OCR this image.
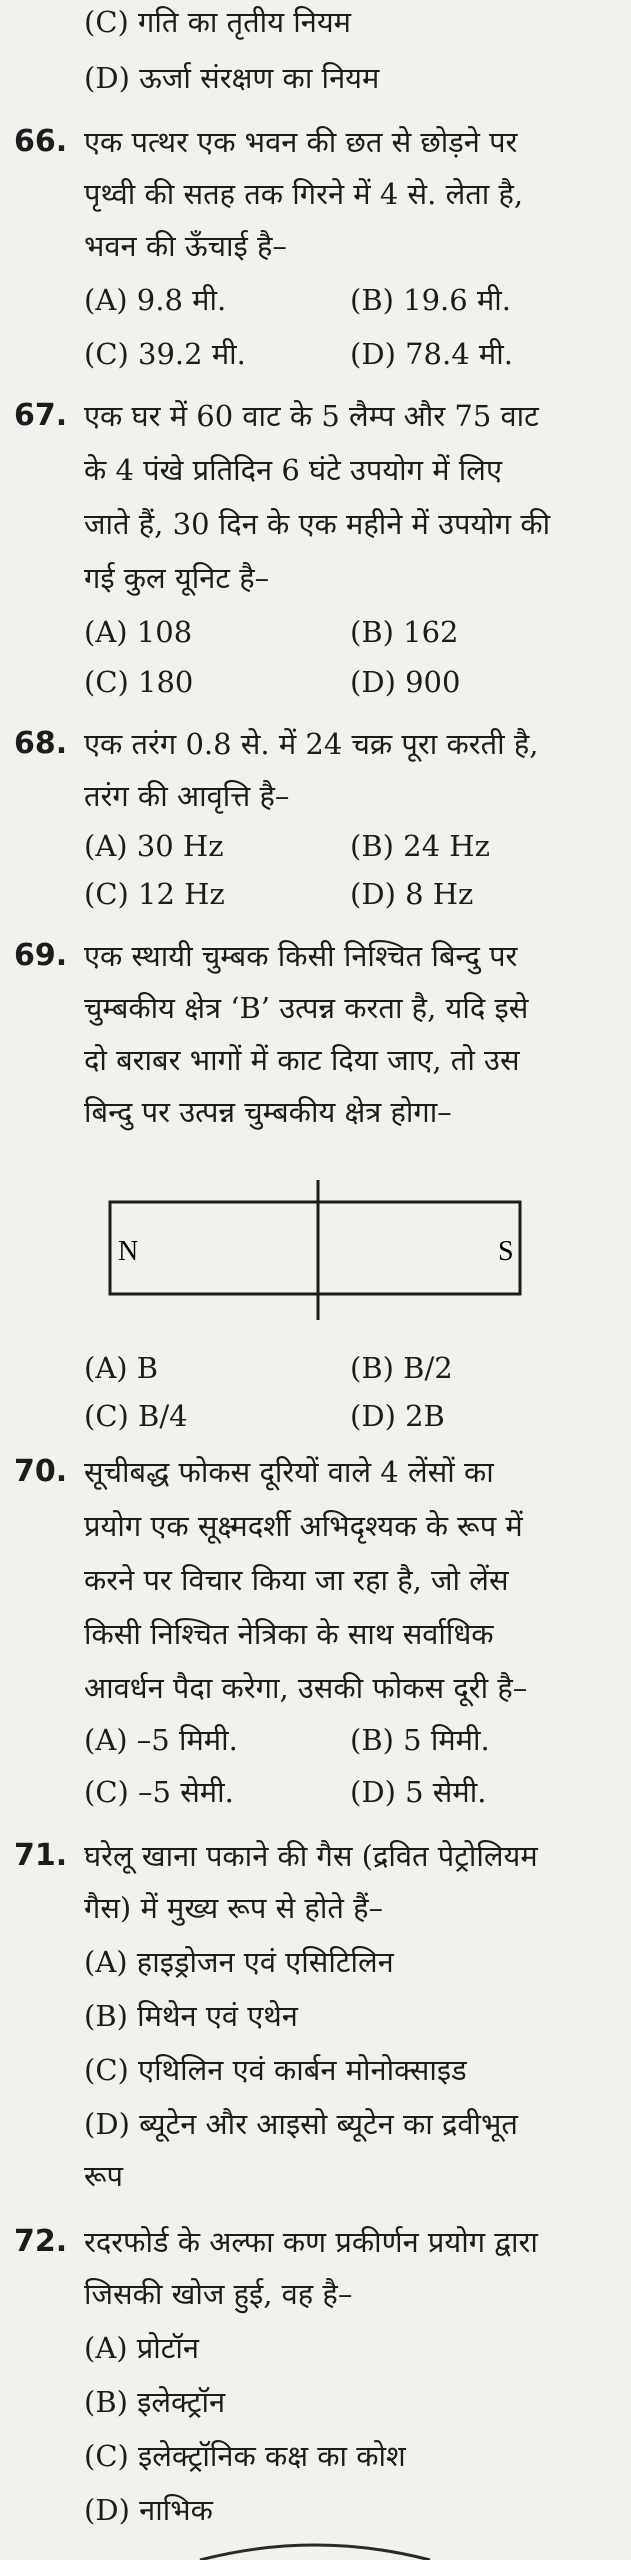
(C) गति का तृतीय नियम
(D) ऊर्जा संरक्षण का नियम
66. एक पत्थर एक भवन की छत से छोड़ने पर
पृथ्वी की सतह तक गिरने में 4 से. लेता है,
भवन की ऊँचाई है–
(A) 9.8 मी.	(B) 19.6 मी.
(C) 39.2 मी.	(D) 78.4 मी.
67. एक घर में 60 वाट के 5 लैम्प और 75 वाट
के 4 पंखे प्रतिदिन 6 घंटे उपयोग में लिए
जाते हैं, 30 दिन के एक महीने में उपयोग की
गई कुल यूनिट है–
(A) 108	(B) 162
(C) 180	(D) 900
68. एक तरंग 0.8 से. में 24 चक्र पूरा करती है,
तरंग की आवृत्ति है–
(A) 30 Hz	(B) 24 Hz
(C) 12 Hz	(D) 8 Hz
69. एक स्थायी चुम्बक किसी निश्चित बिन्दु पर
चुम्बकीय क्षेत्र ‘B’ उत्पन्न करता है, यदि इसे
दो बराबर भागों में काट दिया जाए, तो उस
बिन्दु पर उत्पन्न चुम्बकीय क्षेत्र होगा–
N	S
(A) B	(B) B/2
(C) B/4	(D) 2B
70. सूचीबद्ध फोकस दूरियों वाले 4 लेंसों का
प्रयोग एक सूक्ष्मदर्शी अभिदृश्यक के रूप में
करने पर विचार किया जा रहा है, जो लेंस
किसी निश्चित नेत्रिका के साथ सर्वाधिक
आवर्धन पैदा करेगा, उसकी फोकस दूरी है–
(A) –5 मिमी.	(B) 5 मिमी.
(C) –5 सेमी.	(D) 5 सेमी.
71. घरेलू खाना पकाने की गैस (द्रवित पेट्रोलियम
गैस) में मुख्य रूप से होते हैं–
(A) हाइड्रोजन एवं एसिटिलिन
(B) मिथेन एवं एथेन
(C) एथिलिन एवं कार्बन मोनोक्साइड
(D) ब्यूटेन और आइसो ब्यूटेन का द्रवीभूत
रूप
72. रदरफोर्ड के अल्फा कण प्रकीर्णन प्रयोग द्वारा
जिसकी खोज हुई, वह है–
(A) प्रोटॉन
(B) इलेक्ट्रॉन
(C) इलेक्ट्रॉनिक कक्ष का कोश
(D) नाभिक
